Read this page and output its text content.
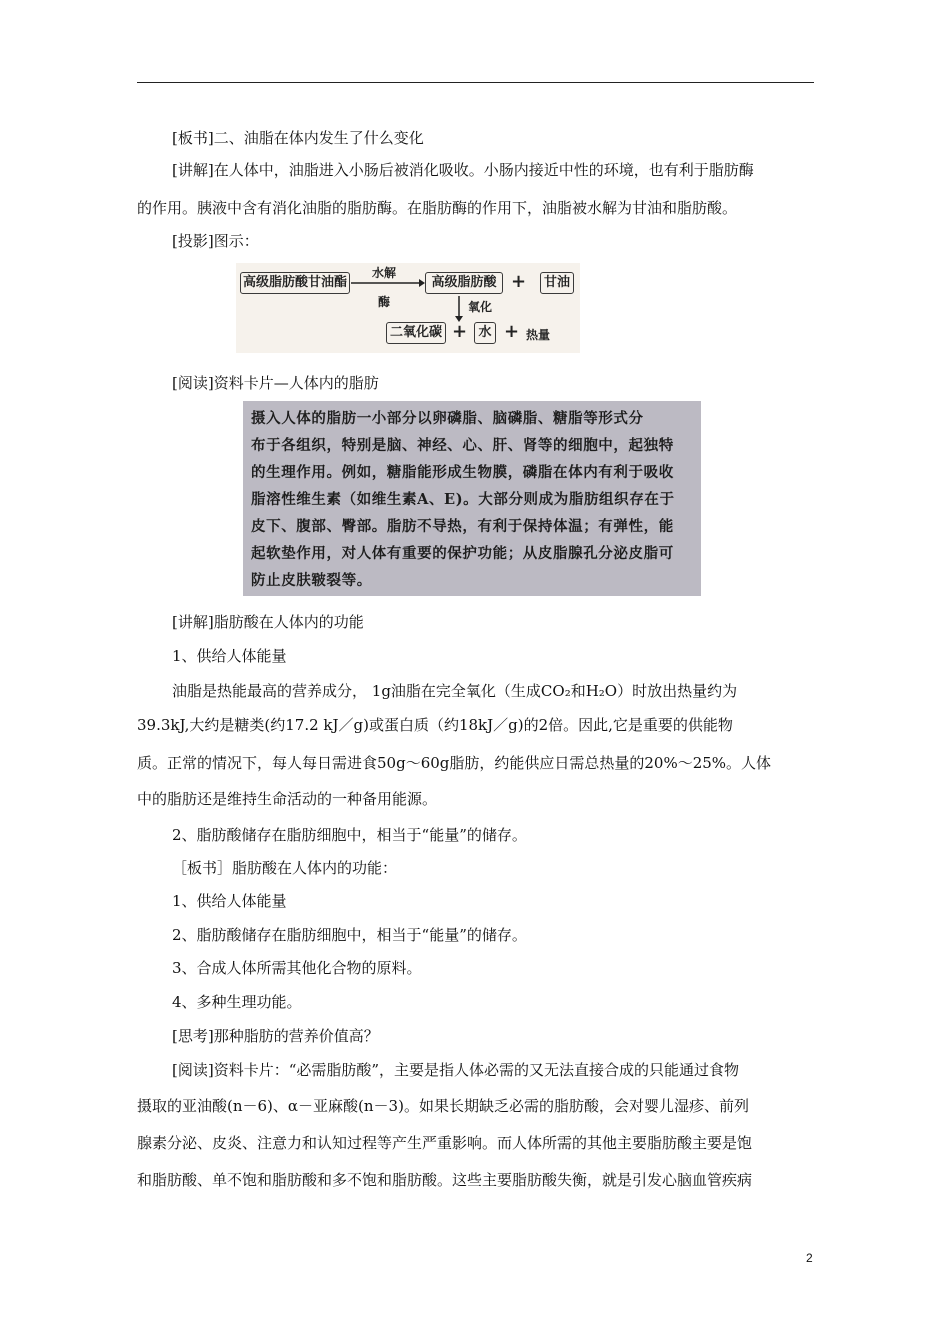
[板书]二、油脂在体内发生了什么变化
[讲解]在人体中，油脂进入小肠后被消化吸收。小肠内接近中性的环境，也有利于脂肪酶
的作用。胰液中含有消化油脂的脂肪酶。在脂肪酶的作用下，油脂被水解为甘油和脂肪酸。
[投影]图示：
高级脂肪酸甘油酯
水解
酶
高级脂肪酸 +	甘油
氧化
二氧化碳 + 水 + 热量
[阅读]资料卡片—人体内的脂肪
摄入人体的脂肪一小部分以卵磷脂、脑磷脂、糖脂等形式分
布于各组织，特别是脑、神经、心、肝、肾等的细胞中，起独特
的生理作用。例如，糖脂能形成生物膜，磷脂在体内有利于吸收
脂溶性维生素（如维生素A、E)。大部分则成为脂肪组织存在于
皮下、腹部、臀部。脂肪不导热，有利于保持体温；有弹性，能
起软垫作用，对人体有重要的保护功能；从皮脂腺孔分泌皮脂可
防止皮肤皲裂等。
[讲解]脂肪酸在人体内的功能
1、供给人体能量
油脂是热能最高的营养成分， 1g油脂在完全氧化（生成CO₂和H₂O）时放出热量约为
39.3kJ,大约是糖类(约17.2 kJ／g)或蛋白质（约18kJ／g)的2倍。因此,它是重要的供能物
质。正常的情况下，每人每日需进食50g～60g脂肪，约能供应日需总热量的20%～25%。人体
中的脂肪还是维持生命活动的一种备用能源。
2、脂肪酸储存在脂肪细胞中，相当于“能量”的储存。
［板书］脂肪酸在人体内的功能：
1、供给人体能量
2、脂肪酸储存在脂肪细胞中，相当于“能量”的储存。
3、合成人体所需其他化合物的原料。
4、多种生理功能。
[思考]那种脂肪的营养价值高？
[阅读]资料卡片：“必需脂肪酸”，主要是指人体必需的又无法直接合成的只能通过食物
摄取的亚油酸(n－6)、α－亚麻酸(n－3)。如果长期缺乏必需的脂肪酸，会对婴儿湿疹、前列
腺素分泌、皮炎、注意力和认知过程等产生严重影响。而人体所需的其他主要脂肪酸主要是饱
和脂肪酸、单不饱和脂肪酸和多不饱和脂肪酸。这些主要脂肪酸失衡，就是引发心脑血管疾病
2
